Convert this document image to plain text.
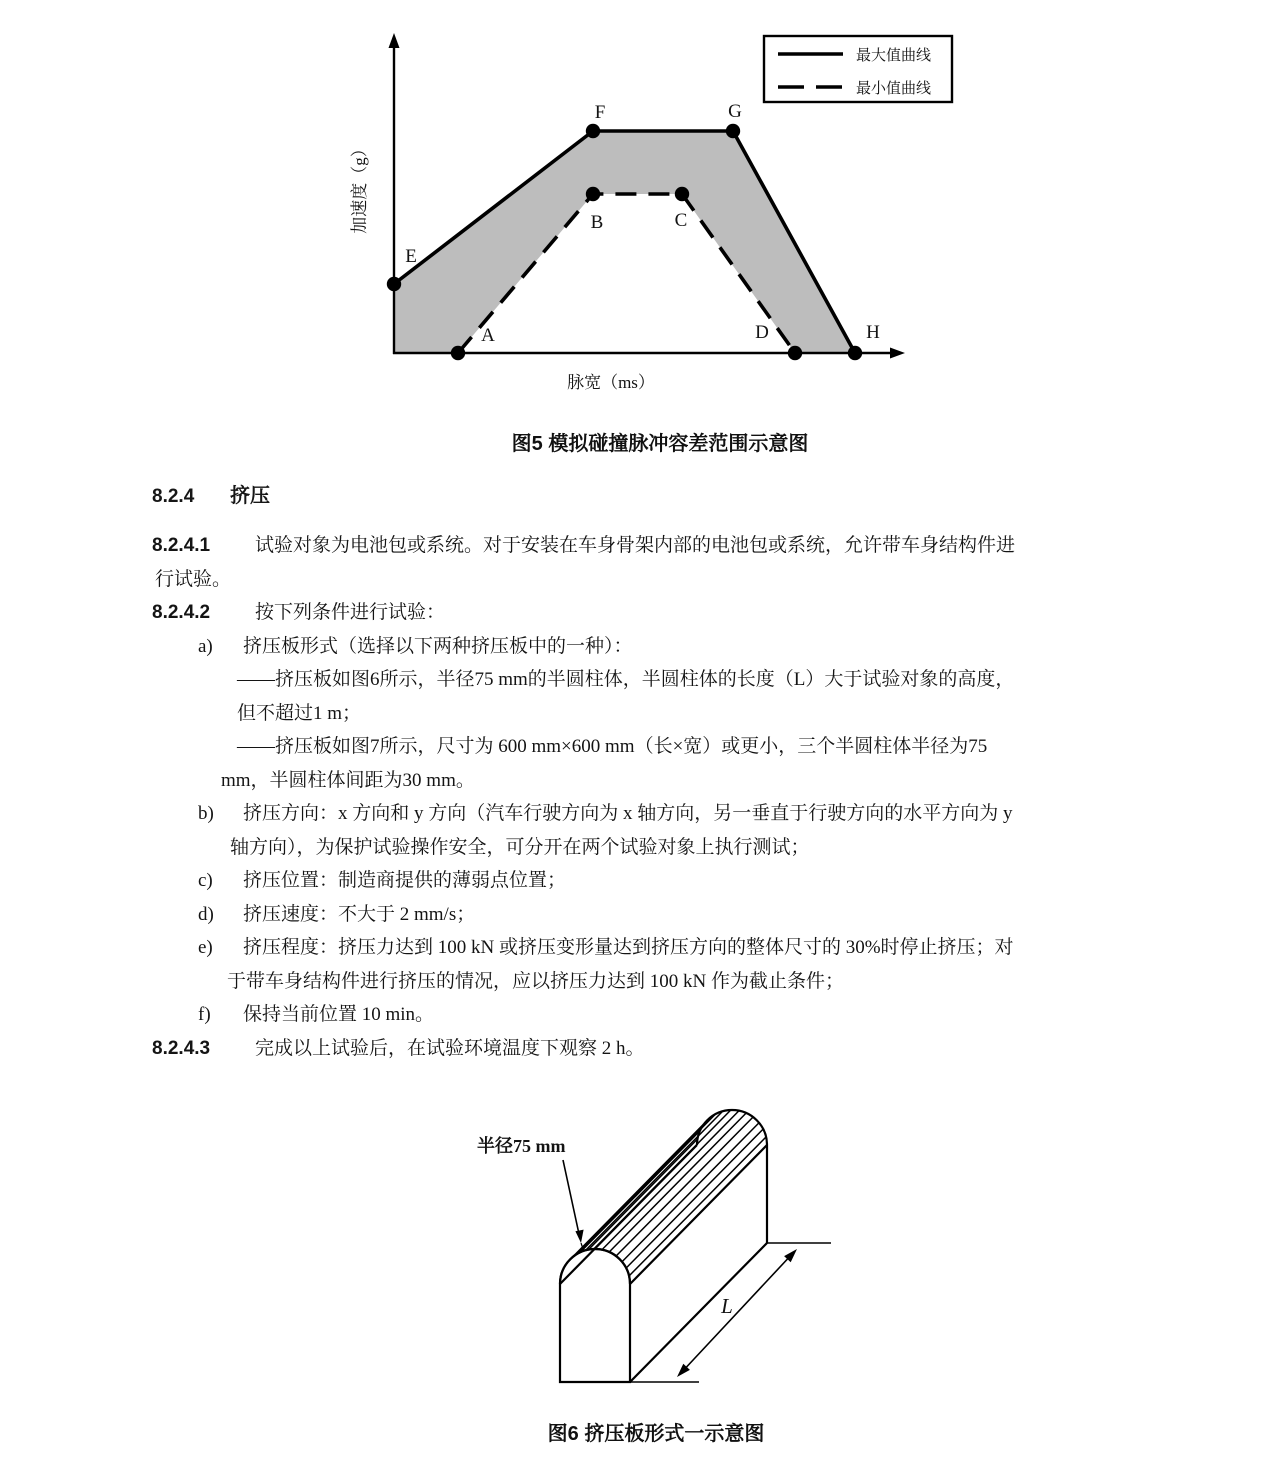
E
A
F
B	C
G
D	H
加速度（g）
脉宽（ms）
最大值曲线
最小值曲线
图5 模拟碰撞脉冲容差范围示意图
8.2.4 挤压
8.2.4.1 试验对象为电池包或系统。对于安装在车身骨架内部的电池包或系统，允许带车身结构件进
行试验。
8.2.4.2 按下列条件进行试验：
a) 挤压板形式（选择以下两种挤压板中的一种）：
——挤压板如图6所示，半径75 mm的半圆柱体，半圆柱体的长度（L）大于试验对象的高度，
但不超过1 m；
——挤压板如图7所示，尺寸为 600 mm×600 mm（长×宽）或更小，三个半圆柱体半径为75
mm，半圆柱体间距为30 mm。
b) 挤压方向：x 方向和 y 方向（汽车行驶方向为 x 轴方向，另一垂直于行驶方向的水平方向为 y
轴方向），为保护试验操作安全，可分开在两个试验对象上执行测试；
c) 挤压位置：制造商提供的薄弱点位置；
d) 挤压速度：不大于 2 mm/s；
e) 挤压程度：挤压力达到 100 kN 或挤压变形量达到挤压方向的整体尺寸的 30%时停止挤压；对
于带车身结构件进行挤压的情况，应以挤压力达到 100 kN 作为截止条件；
f) 保持当前位置 10 min。
8.2.4.3 完成以上试验后，在试验环境温度下观察 2 h。
半径75 mm
L
图6 挤压板形式一示意图
